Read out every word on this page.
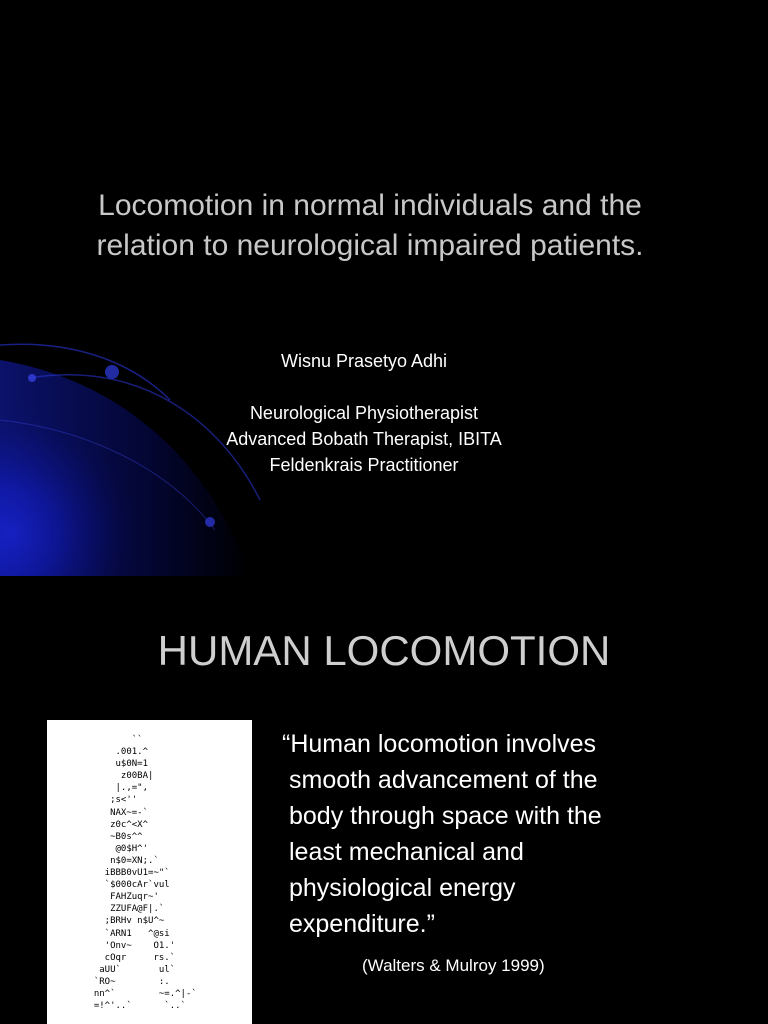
Locomotion in normal individuals and the
relation to neurological impaired patients.
Wisnu Prasetyo Adhi
Neurological Physiotherapist
Advanced Bobath Therapist, IBITA
Feldenkrais Practitioner
HUMAN LOCOMOTION
``
.001.^
u$0N=1
z00BA|
|.,=",
;s<''
NAX~=-`
z0c^<X^
~B0s^^
@0$H^'
n$0=XN;.`
iBBB0vU1=~"`
`$000cAr`vul
FAHZuqr~'
ZZUFA@F|.`
;BRHv n$U^~
`ARN1   ^@si
'Onv~    O1.'
cOqr     rs.`
aUU`       ul`
`RO~        :.
nn^`        ~=.^|-`
=!^'..`      `..`
“Human locomotion involves
smooth advancement of the
body through space with the
least mechanical and
physiological energy
expenditure.”
(Walters & Mulroy 1999)
